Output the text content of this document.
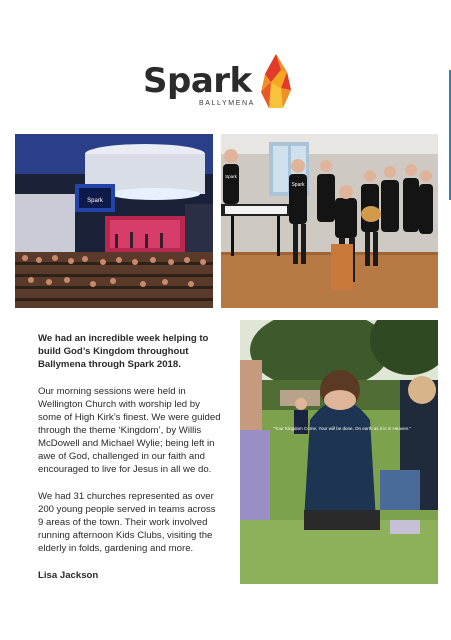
Spark
BALLYMENA
Spark
Spark
Spark

We had an incredible week helping to
build God’s Kingdom throughout
Ballymena through Spark 2018.

Our morning sessions were held in
Wellington Church with worship led by
some of High Kirk’s finest. We were guided
through the theme ‘Kingdom’, by Willis
McDowell and Michael Wylie; being left in
awe of God, challenged in our faith and
encouraged to live for Jesus in all we do.

We had 31 churches represented as over
200 young people served in teams across
9 areas of the town. Their work involved
running afternoon Kids Clubs, visiting the
elderly in folds, gardening and more.

Lisa Jackson

"Your Kingdom Come, Your will be done, On earth as it is in Heaven."
